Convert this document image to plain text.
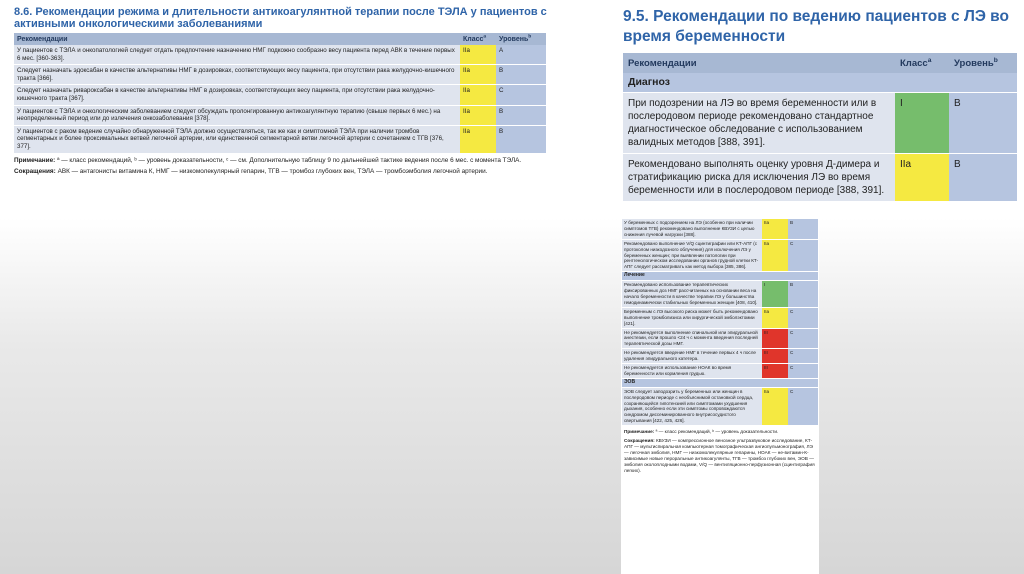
8.6. Рекомендации режима и длительности антикоагулянтной терапии после ТЭЛА у пациентов с активными онкологическими заболеваниями
Рекомендации	Класс$^a$	Уровень$^b$
У пациентов с ТЭЛА и онкопатологией следует отдать предпочтение назначению НМГ подкожно сообразно весу пациента перед АВК в течение первых 6 мес. [360-363].	IIa	A
Следует назначать эдоксабан в качестве альтернативы НМГ в дозировках, соответствующих весу пациента, при отсутствии рака желудочно-кишечного тракта [366].	IIa	B
Следует назначать ривароксабан в качестве альтернативы НМГ в дозировках, соответствующих весу пациента, при отсутствии рака желудочно-кишечного тракта [367].	IIa	C
У пациентов с ТЭЛА и онкологическим заболеванием следует обсуждать пролонгированную антикоагулянтную терапию (свыше первых 6 мес.) на неопределенный период или до излечения онкозаболевания [378].	IIa	B
У пациентов с раком ведение случайно обнаруженной ТЭЛА должно осуществляться, так же как и симптомной ТЭЛА при наличии тромбов сегментарных и более проксимальных ветвей легочной артерии, или единственной сегментарной ветви легочной артерии с сочетанием с ТГВ [376, 377].	IIa	B
Примечание: ª — класс рекомендаций, ᵇ — уровень доказательности, ᶜ — см. Дополнительную таблицу 9 по дальнейшей тактике ведения после 6 мес. с момента ТЭЛА.
Сокращения: АВК — антагонисты витамина К, НМГ — низкомолекулярный гепарин, ТГВ — тромбоз глубоких вен, ТЭЛА — тромбоэмболия легочной артерии.
9.5. Рекомендации по ведению пациентов с ЛЭ во время беременности
Рекомендации	Класс$^a$	Уровень$^b$
Диагноз		
При подозрении на ЛЭ во время беременности или в послеродовом периоде рекомендовано стандартное диагностическое обследование с использованием валидных методов [388, 391].	I	B
Рекомендовано выполнять оценку уровня Д-димера и стратификацию риска для исключения ЛЭ во время беременности или в послеродовом периоде [388, 391].	IIa	B
У беременных с подозрением на ЛЭ (особенно при наличии симптомов ТГВ) рекомендовано выполнение КВУЗИ с целью снижения лучевой нагрузки [388].	IIa	B
Рекомендовано выполнение V/Q сцинтиграфии или КТ-АПГ (с протоколом низкодозного облучения) для исключения ЛЭ у беременных женщин; при выявлении патологии при рентгенологическом исследовании органов грудной клетки КТ-АПГ следует рассматривать как метод выбора [385, 386].	IIa	C
Лечение		
Рекомендовано использование терапевтических фиксированных доз НМГ рассчитанных на основании веса на начало беременности в качестве терапии ЛЭ у большинства гемодинамически стабильных беременных женщин [408, 410].	I	B
Беременным с ЛЭ высокого риска может быть рекомендовано выполнение тромболизиса или хирургической эмболэктомии [421].	IIa	C
Не рекомендуется выполнение спинальной или эпидуральной анестезии, если прошло <24 ч с момента введения последней терапевтической дозы НМГ.	III	C
Не рекомендуется введение НМГ в течение первых 4 ч после удаления эпидурального катетера.	III	C
Не рекомендуется использование НОАК во время беременности или кормления грудью.	III	C
ЭОВ		
ЭОВ следует заподозрить у беременных или женщин в послеродовом периоде с необъяснимой остановкой сердца, сохраняющейся гипотензией или симптомами ухудшения дыхания, особенно если эти симптомы сопровождаются синдромом диссеминированного внутрисосудистого свертывания [422, 425, 426].	IIa	C
Примечание: ª — класс рекомендаций, ᵇ — уровень доказательности.
Сокращения: КВУЗИ — компрессионное венозное ультразвуковое исследование, КТ-АПГ — мультиспиральная компьютерная томографическая ангиопульмонография, ЛЭ — легочная эмболия, НМГ — низкомолекулярные гепарины, НОАК — не-витамин-К-зависимые новые пероральные антикоагулянты, ТГВ — тромбоз глубоких вен, ЭОВ — эмболия околоплодными водами, V/Q — вентиляционно-перфузионная (сцинтиграфия легких).
